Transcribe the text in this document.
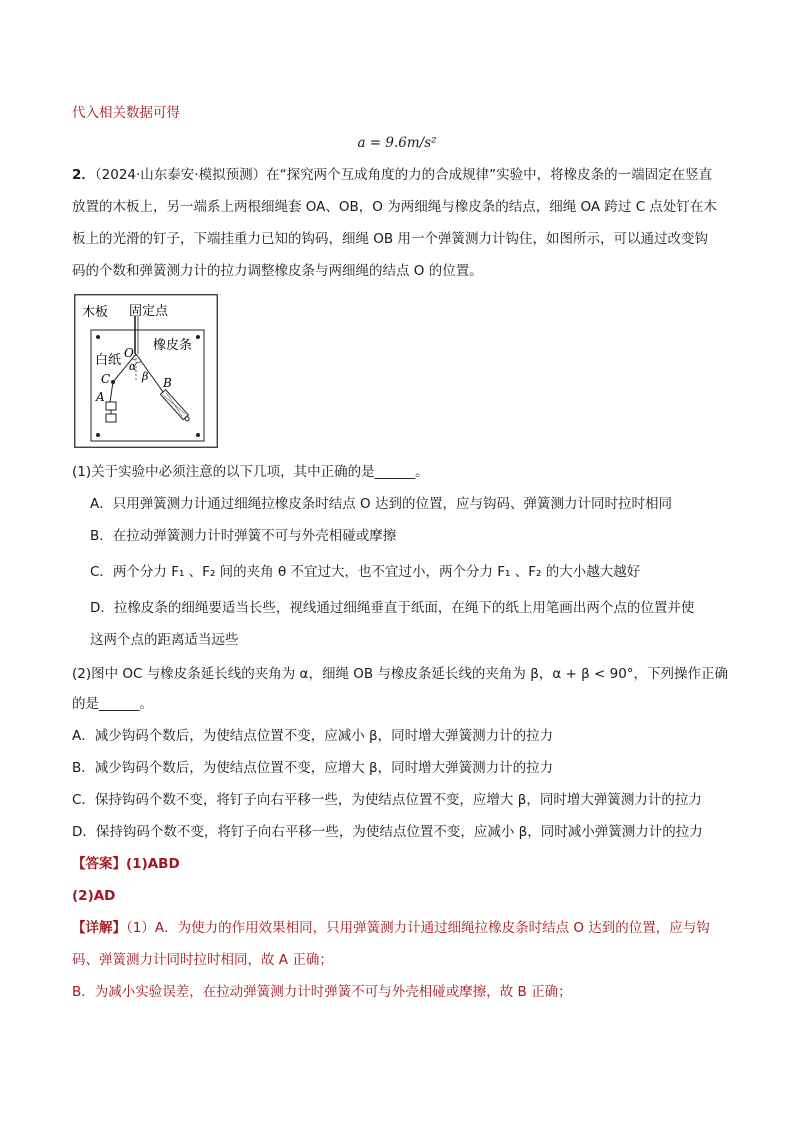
代入相关数据可得
a = 9.6m/s²
2．（2024·山东泰安·模拟预测）在“探究两个互成角度的力的合成规律”实验中，将橡皮条的一端固定在竖直
放置的木板上，另一端系上两根细绳套 OA、OB，O 为两细绳与橡皮条的结点，细绳 OA 跨过 C 点处钉在木
板上的光滑的钉子，下端挂重力已知的钩码，细绳 OB 用一个弹簧测力计钩住，如图所示，可以通过改变钩
码的个数和弹簧测力计的拉力调整橡皮条与两细绳的结点 O 的位置。
木板 固定点
橡皮条
白纸 O
C
A
B
α
β
(1)关于实验中必须注意的以下几项，其中正确的是______。
A．只用弹簧测力计通过细绳拉橡皮条时结点 O 达到的位置，应与钩码、弹簧测力计同时拉时相同
B．在拉动弹簧测力计时弹簧不可与外壳相碰或摩擦
C．两个分力 F₁ 、F₂ 间的夹角 θ 不宜过大，也不宜过小，两个分力 F₁ 、F₂ 的大小越大越好
D．拉橡皮条的细绳要适当长些，视线通过细绳垂直于纸面，在绳下的纸上用笔画出两个点的位置并使
这两个点的距离适当远些
(2)图中 OC 与橡皮条延长线的夹角为 α，细绳 OB 与橡皮条延长线的夹角为 β，α + β < 90°，下列操作正确
的是______。
A．减少钩码个数后，为使结点位置不变，应减小 β，同时增大弹簧测力计的拉力
B．减少钩码个数后，为使结点位置不变，应增大 β，同时增大弹簧测力计的拉力
C．保持钩码个数不变，将钉子向右平移一些，为使结点位置不变，应增大 β，同时增大弹簧测力计的拉力
D．保持钩码个数不变，将钉子向右平移一些，为使结点位置不变，应减小 β，同时减小弹簧测力计的拉力
【答案】(1)ABD
(2)AD
【详解】（1）A．为使力的作用效果相同，只用弹簧测力计通过细绳拉橡皮条时结点 O 达到的位置，应与钩
码、弹簧测力计同时拉时相同，故 A 正确；
B．为减小实验误差，在拉动弹簧测力计时弹簧不可与外壳相碰或摩擦，故 B 正确；
